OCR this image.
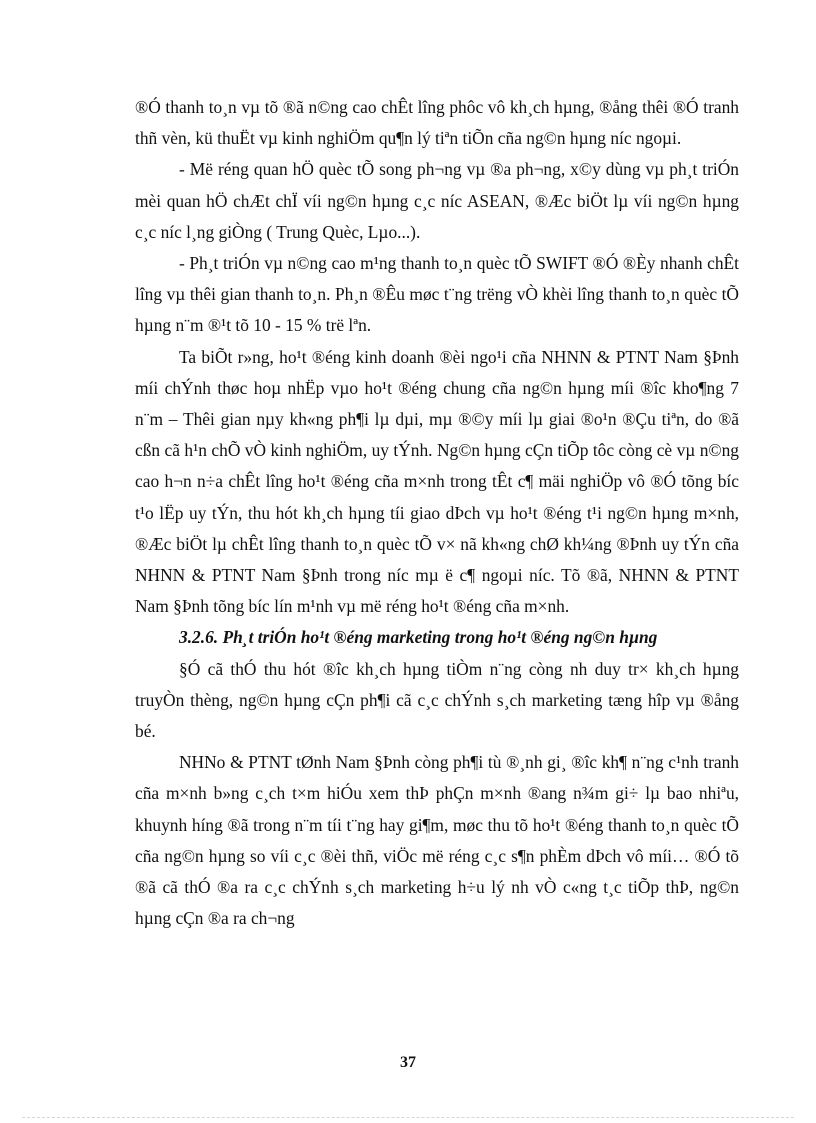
®Ó thanh to¸n vµ tõ ®ã n©ng cao chÊt lîng phôc vô kh¸ch hµng, ®ång thêi ®Ó tranh thñ vèn, kü thuËt vµ kinh nghiÖm qu¶n lý tiªn tiÕn cña ng©n hµng níc ngoµi.

- Më réng quan hÖ quèc tÕ song ph¬ng vµ ®a ph¬ng, x©y dùng vµ ph¸t triÓn mèi quan hÖ chÆt chÏ víi ng©n hµng c¸c níc ASEAN, ®Æc biÖt lµ víi ng©n hµng c¸c níc l¸ng giÒng ( Trung Quèc, Lµo...).

- Ph¸t triÓn vµ n©ng cao m¹ng thanh to¸n quèc tÕ SWIFT ®Ó ®Èy nhanh chÊt lîng vµ thêi gian thanh to¸n. Ph¸n ®Êu møc t¨ng trëng vÒ khèi lîng thanh to¸n quèc tÕ hµng n¨m ®¹t tõ 10 - 15 % trë lªn.

Ta biÕt r»ng, ho¹t ®éng kinh doanh ®èi ngo¹i cña NHNN & PTNT Nam §Þnh míi chÝnh thøc hoµ nhËp vµo ho¹t ®éng chung cña ng©n hµng míi ®îc kho¶ng 7 n¨m – Thêi gian nµy kh«ng ph¶i lµ dµi, mµ ®©y míi lµ giai ®o¹n ®Çu tiªn, do ®ã cßn cã h¹n chÕ vÒ kinh nghiÖm, uy tÝnh. Ng©n hµng cÇn tiÕp tôc còng cè vµ n©ng cao h¬n n÷a chÊt lîng ho¹t ®éng cña m×nh trong tÊt c¶ mäi nghiÖp vô ®Ó tõng bíc t¹o lËp uy tÝn, thu hót kh¸ch hµng tíi giao dÞch vµ ho¹t ®éng t¹i ng©n hµng m×nh, ®Æc biÖt lµ chÊt lîng thanh to¸n quèc tÕ v× nã kh«ng chØ kh¼ng ®Þnh uy tÝn cña NHNN & PTNT Nam §Þnh trong níc mµ ë c¶ ngoµi níc. Tõ ®ã, NHNN & PTNT Nam §Þnh tõng bíc lín m¹nh vµ më réng ho¹t ®éng cña m×nh.

3.2.6. Ph¸t triÓn ho¹t ®éng marketing trong ho¹t ®éng ng©n hµng

§Ó cã thÓ thu hót ®îc kh¸ch hµng tiÒm n¨ng còng nh duy tr× kh¸ch hµng truyÒn thèng, ng©n hµng cÇn ph¶i cã c¸c chÝnh s¸ch marketing tæng hîp vµ ®ång bé.

NHNo & PTNT tØnh Nam §Þnh còng ph¶i tù ®¸nh gi¸ ®îc kh¶ n¨ng c¹nh tranh cña m×nh b»ng c¸ch t×m hiÓu xem thÞ phÇn m×nh ®ang n¾m gi÷ lµ bao nhiªu, khuynh híng ®ã trong n¨m tíi t¨ng hay gi¶m, møc thu tõ ho¹t ®éng thanh to¸n quèc tÕ cña ng©n hµng so víi c¸c ®èi thñ, viÖc më réng c¸c s¶n phÈm dÞch vô míi… ®Ó tõ ®ã cã thÓ ®a ra c¸c chÝnh s¸ch marketing h÷u lý nh vÒ c«ng t¸c tiÕp thÞ, ng©n hµng cÇn ®a ra ch¬ng

37
